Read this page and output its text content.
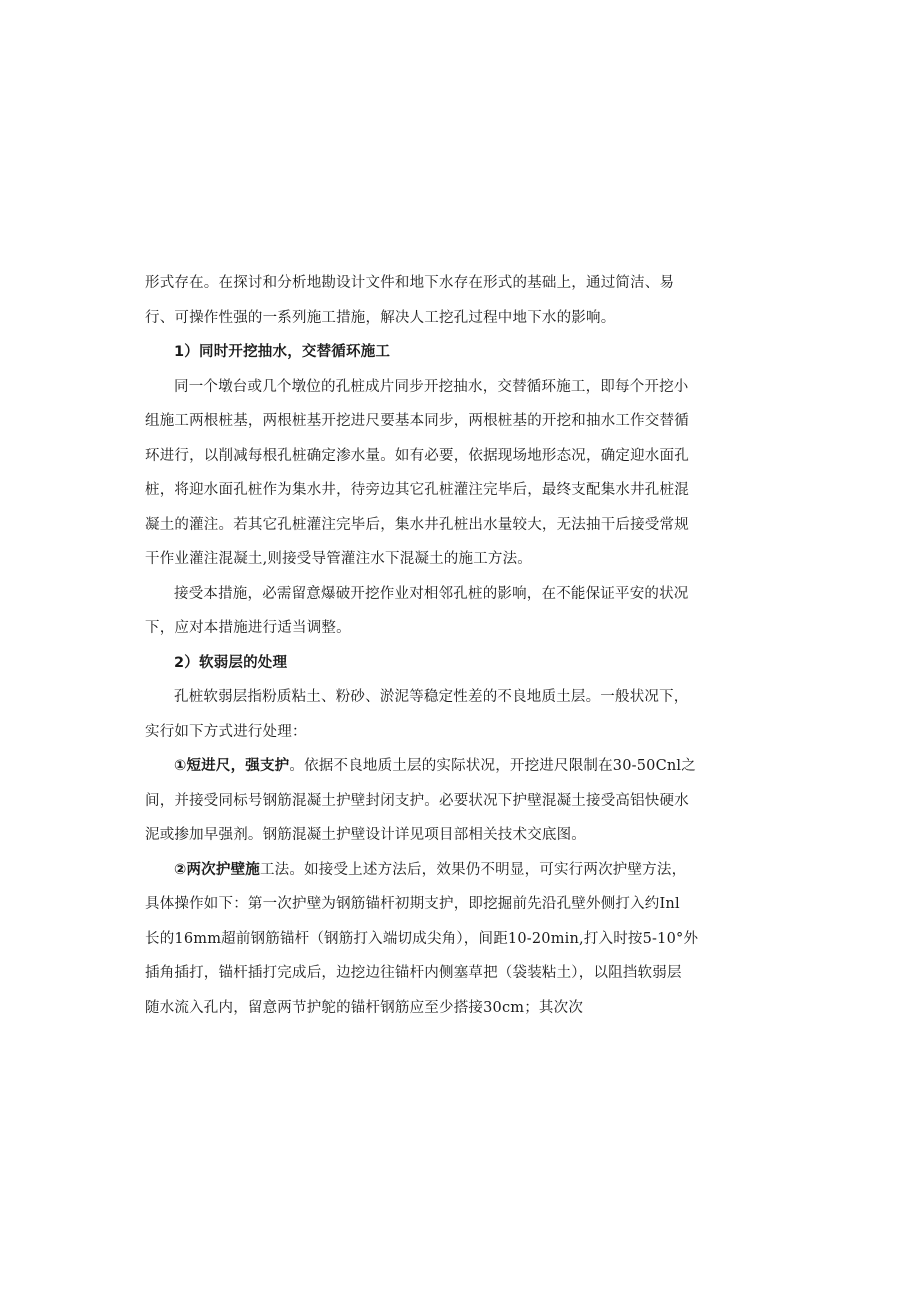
形式存在。在探讨和分析地勘设计文件和地下水存在形式的基础上，通过简洁、易
行、可操作性强的一系列施工措施，解决人工挖孔过程中地下水的影响。
1）同时开挖抽水，交替循环施工
同一个墩台或几个墩位的孔桩成片同步开挖抽水，交替循环施工，即每个开挖小
组施工两根桩基，两根桩基开挖进尺要基本同步，两根桩基的开挖和抽水工作交替循
环进行，以削减每根孔桩确定渗水量。如有必要，依据现场地形态况，确定迎水面孔
桩，将迎水面孔桩作为集水井，待旁边其它孔桩灌注完毕后，最终支配集水井孔桩混
凝土的灌注。若其它孔桩灌注完毕后，集水井孔桩出水量较大，无法抽干后接受常规
干作业灌注混凝土,则接受导管灌注水下混凝土的施工方法。
接受本措施，必需留意爆破开挖作业对相邻孔桩的影响，在不能保证平安的状况
下，应对本措施进行适当调整。
2）软弱层的处理
孔桩软弱层指粉质粘土、粉砂、淤泥等稳定性差的不良地质土层。一般状况下，
实行如下方式进行处理：
①短进尺，强支护。依据不良地质土层的实际状况，开挖进尺限制在30-50Cnl之
间，并接受同标号钢筋混凝土护壁封闭支护。必要状况下护壁混凝土接受高铝快硬水
泥或掺加早强剂。钢筋混凝土护壁设计详见项目部相关技术交底图。
②两次护壁施工法。如接受上述方法后，效果仍不明显，可实行两次护壁方法，
具体操作如下：第一次护壁为钢筋锚杆初期支护，即挖掘前先沿孔壁外侧打入约Inl
长的16mm超前钢筋锚杆（钢筋打入端切成尖角），间距10-20min,打入时按5-10°外
插角插打，锚杆插打完成后，边挖边往锚杆内侧塞草把（袋装粘土），以阻挡软弱层
随水流入孔内，留意两节护鸵的锚杆钢筋应至少搭接30cm；其次次
